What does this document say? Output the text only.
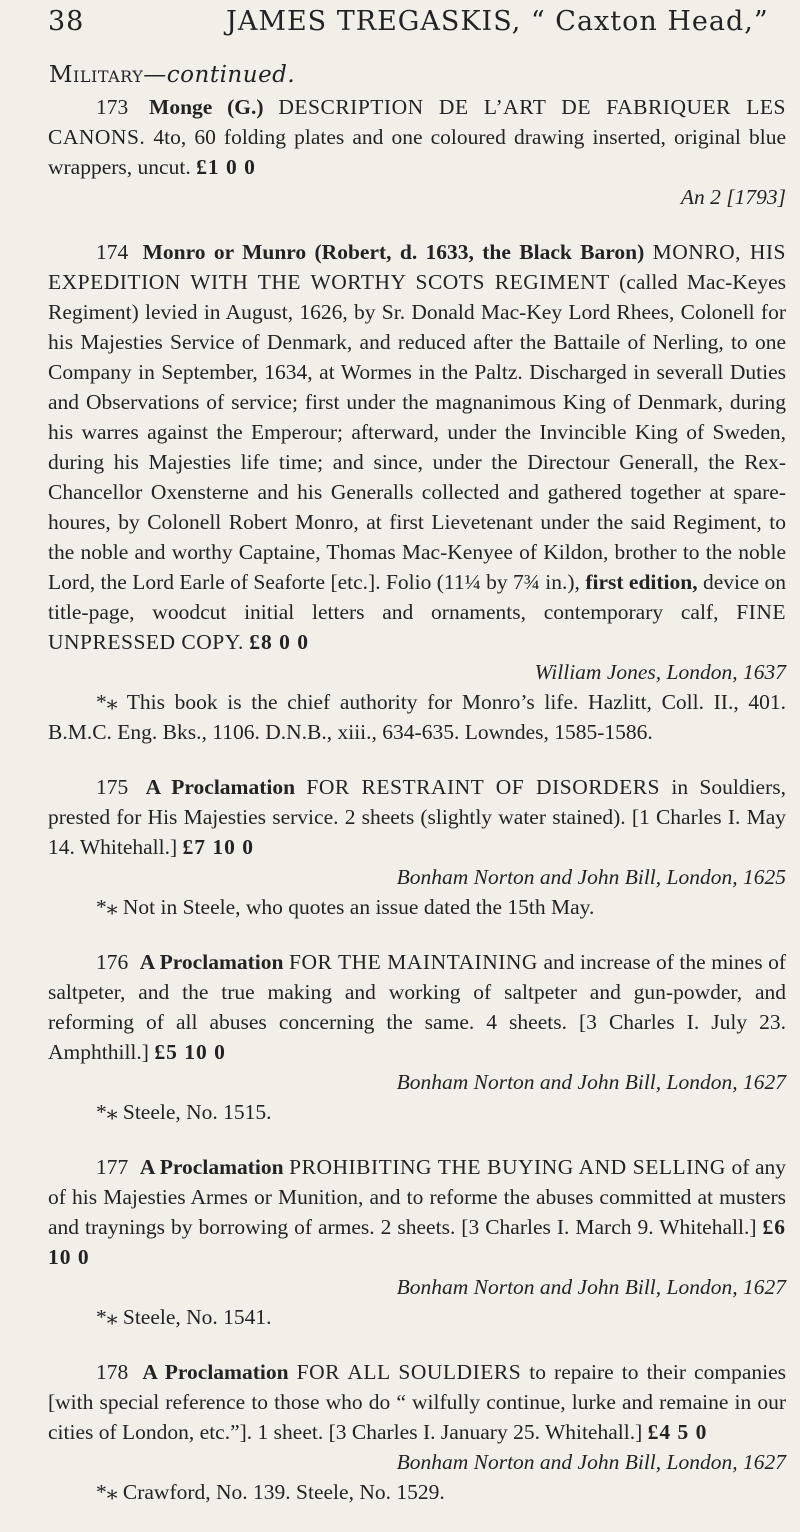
38	JAMES TREGASKIS, “ Caxton Head,”
Military—continued.

173 Monge (G.) DESCRIPTION DE L’ART DE FABRIQUER LES CANONS. 4to, 60 folding plates and one coloured drawing inserted, original blue wrappers, uncut. £1 0 0
An 2 [1793]

174 Monro or Munro (Robert, d. 1633, the Black Baron) MONRO, HIS EXPEDITION WITH THE WORTHY SCOTS REGIMENT (called Mac-Keyes Regiment) levied in August, 1626, by Sr. Donald Mac-Key Lord Rhees, Colonell for his Majesties Service of Denmark, and reduced after the Battaile of Nerling, to one Company in September, 1634, at Wormes in the Paltz. Discharged in severall Duties and Observations of service; first under the magnanimous King of Denmark, during his warres against the Emperour; afterward, under the Invincible King of Sweden, during his Majesties life time; and since, under the Directour Generall, the Rex-Chancellor Oxensterne and his Generalls collected and gathered together at spare-houres, by Colonell Robert Monro, at first Lievetenant under the said Regiment, to the noble and worthy Captaine, Thomas Mac-Kenyee of Kildon, brother to the noble Lord, the Lord Earle of Seaforte [etc.]. Folio (11¼ by 7¾ in.), first edition, device on title-page, woodcut initial letters and ornaments, contemporary calf, FINE UNPRESSED COPY. £8 0 0
William Jones, London, 1637

*⁎ This book is the chief authority for Monro’s life. Hazlitt, Coll. II., 401. B.M.C. Eng. Bks., 1106. D.N.B., xiii., 634-635. Lowndes, 1585-1586.

175 A Proclamation FOR RESTRAINT OF DISORDERS in Souldiers, prested for His Majesties service. 2 sheets (slightly water stained). [1 Charles I. May 14. Whitehall.] £7 10 0
Bonham Norton and John Bill, London, 1625

*⁎ Not in Steele, who quotes an issue dated the 15th May.

176 A Proclamation FOR THE MAINTAINING and increase of the mines of saltpeter, and the true making and working of saltpeter and gun-powder, and reforming of all abuses concerning the same. 4 sheets. [3 Charles I. July 23. Amphthill.] £5 10 0
Bonham Norton and John Bill, London, 1627

*⁎ Steele, No. 1515.

177 A Proclamation PROHIBITING THE BUYING AND SELLING of any of his Majesties Armes or Munition, and to reforme the abuses committed at musters and traynings by borrowing of armes. 2 sheets. [3 Charles I. March 9. Whitehall.] £6 10 0
Bonham Norton and John Bill, London, 1627

*⁎ Steele, No. 1541.

178 A Proclamation FOR ALL SOULDIERS to repaire to their companies [with special reference to those who do “ wilfully continue, lurke and remaine in our cities of London, etc.”]. 1 sheet. [3 Charles I. January 25. Whitehall.] £4 5 0
Bonham Norton and John Bill, London, 1627

*⁎ Crawford, No. 139. Steele, No. 1529.
